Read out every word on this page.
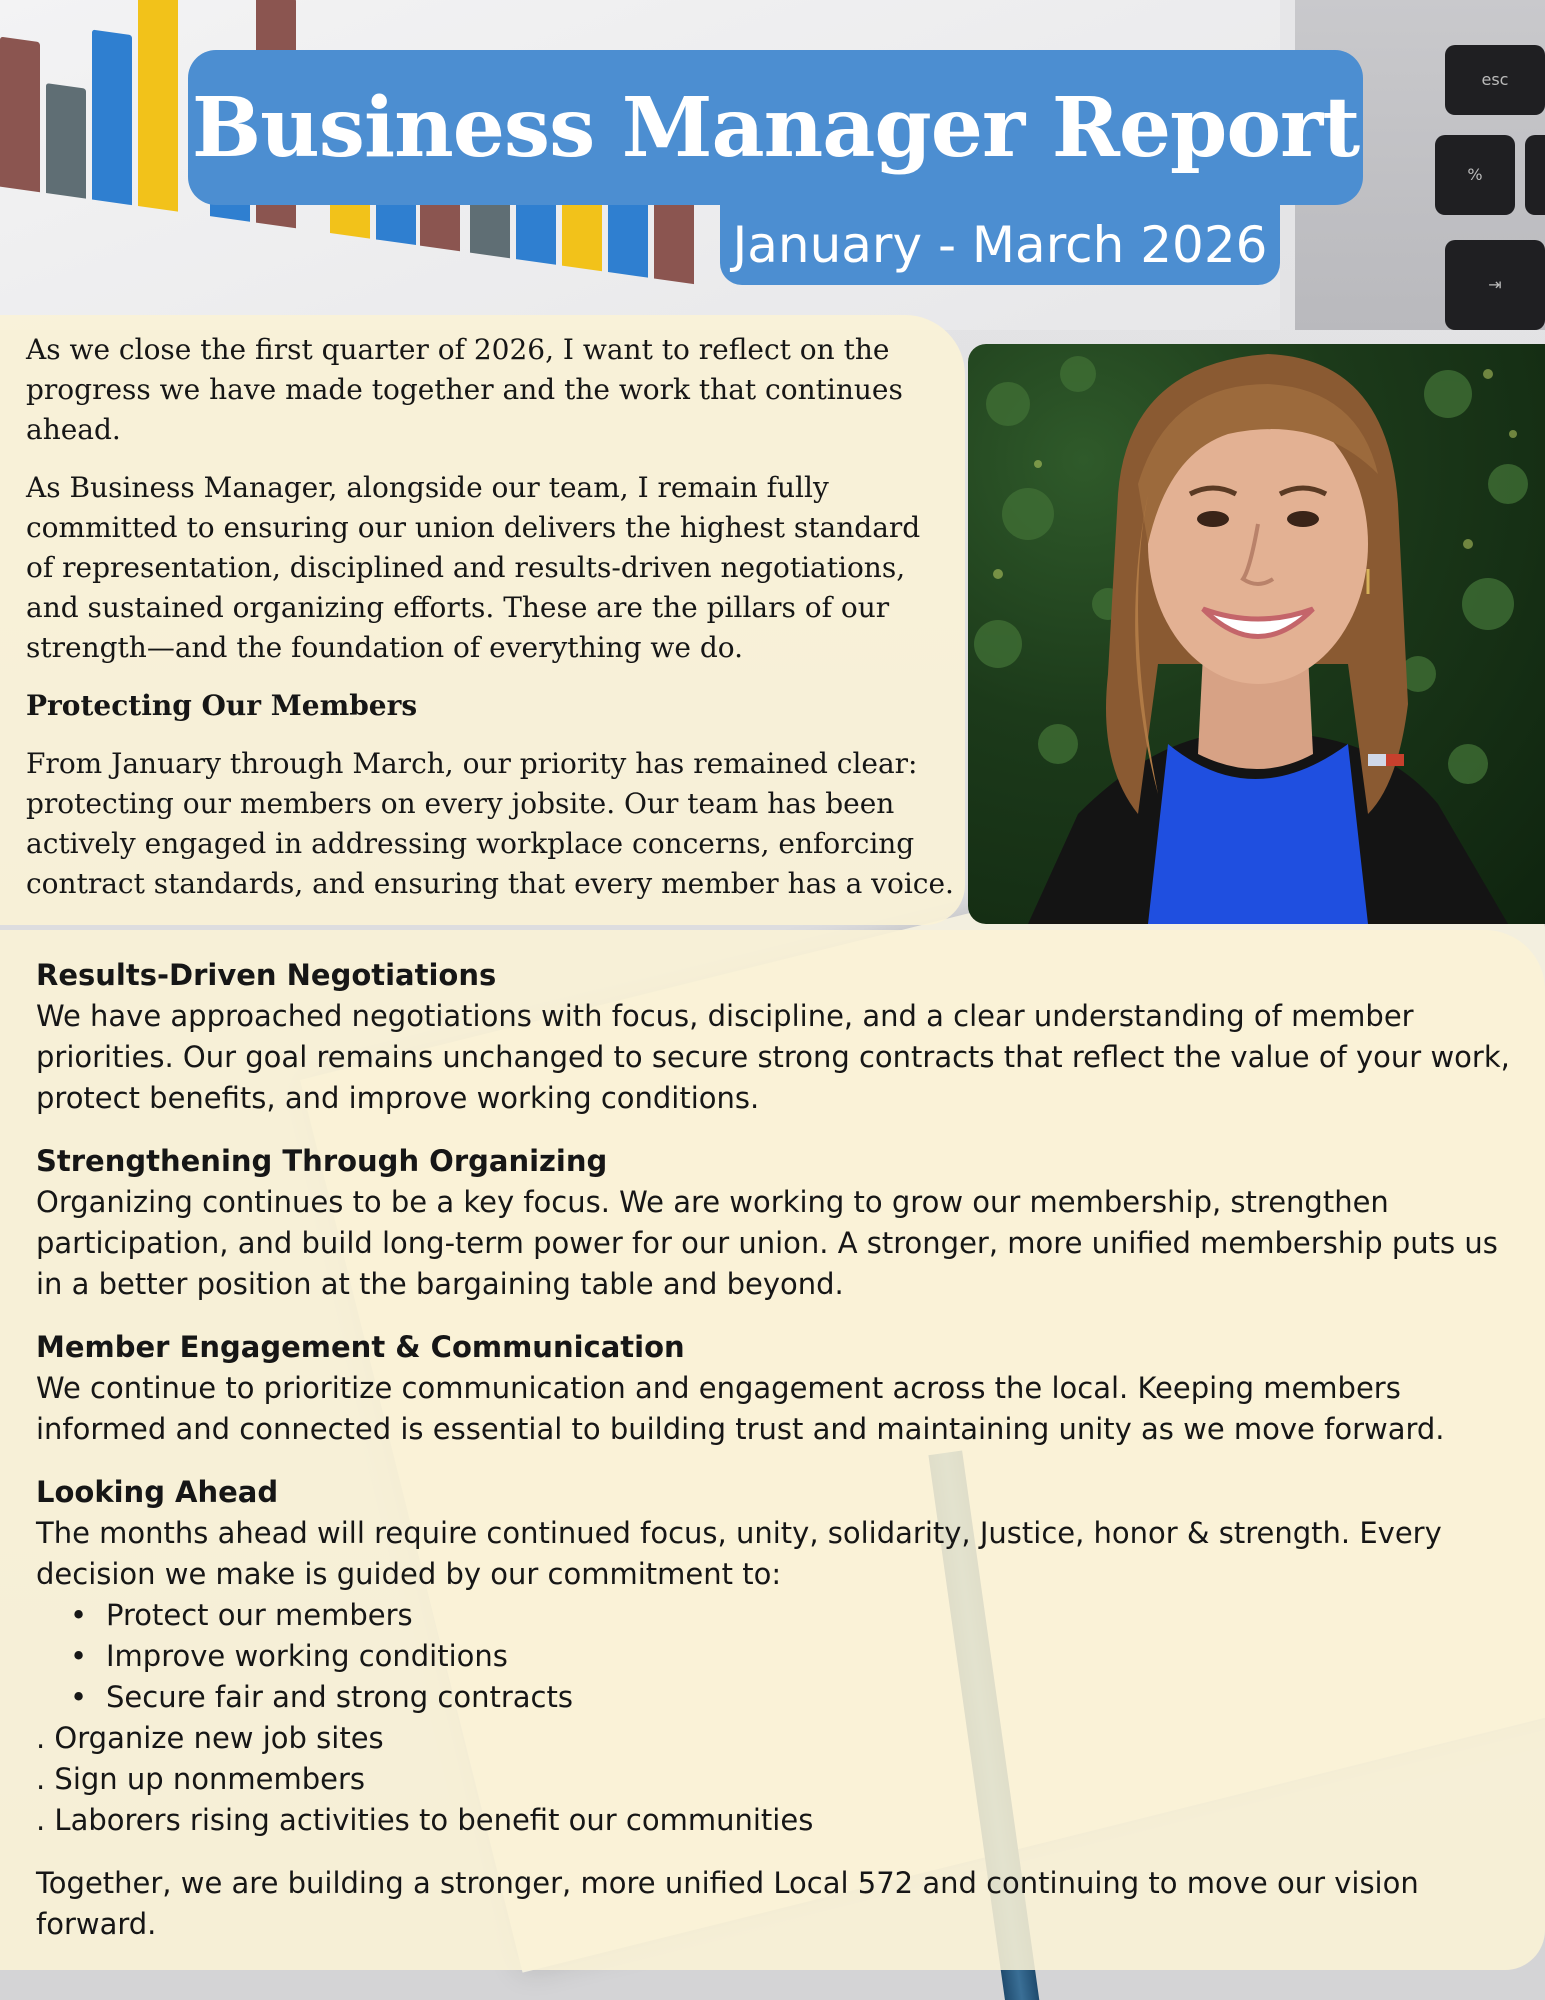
esc
%
⇥
Business Manager Report
January - March 2026

As we close the first quarter of 2026, I want to reflect on the progress we have made together and the work that continues ahead.

As Business Manager, alongside our team, I remain fully committed to ensuring our union delivers the highest standard of representation, disciplined and results-driven negotiations, and sustained organizing efforts. These are the pillars of our strength—and the foundation of everything we do.

Protecting Our Members

From January through March, our priority has remained clear: protecting our members on every jobsite. Our team has been actively engaged in addressing workplace concerns, enforcing contract standards, and ensuring that every member has a voice.

Results-Driven Negotiations

We have approached negotiations with focus, discipline, and a clear understanding of member priorities. Our goal remains unchanged to secure strong contracts that reflect the value of your work, protect benefits, and improve working conditions.

Strengthening Through Organizing

Organizing continues to be a key focus. We are working to grow our membership, strengthen participation, and build long-term power for our union. A stronger, more unified membership puts us in a better position at the bargaining table and beyond.

Member Engagement & Communication

We continue to prioritize communication and engagement across the local. Keeping members informed and connected is essential to building trust and maintaining unity as we move forward.

Looking Ahead

The months ahead will require continued focus, unity, solidarity, Justice, honor & strength. Every decision we make is guided by our commitment to:

• Protect our members
• Improve working conditions
• Secure fair and strong contracts

. Organize new job sites

. Sign up nonmembers

. Laborers rising activities to benefit our communities

Together, we are building a stronger, more unified Local 572 and continuing to move our vision forward.
